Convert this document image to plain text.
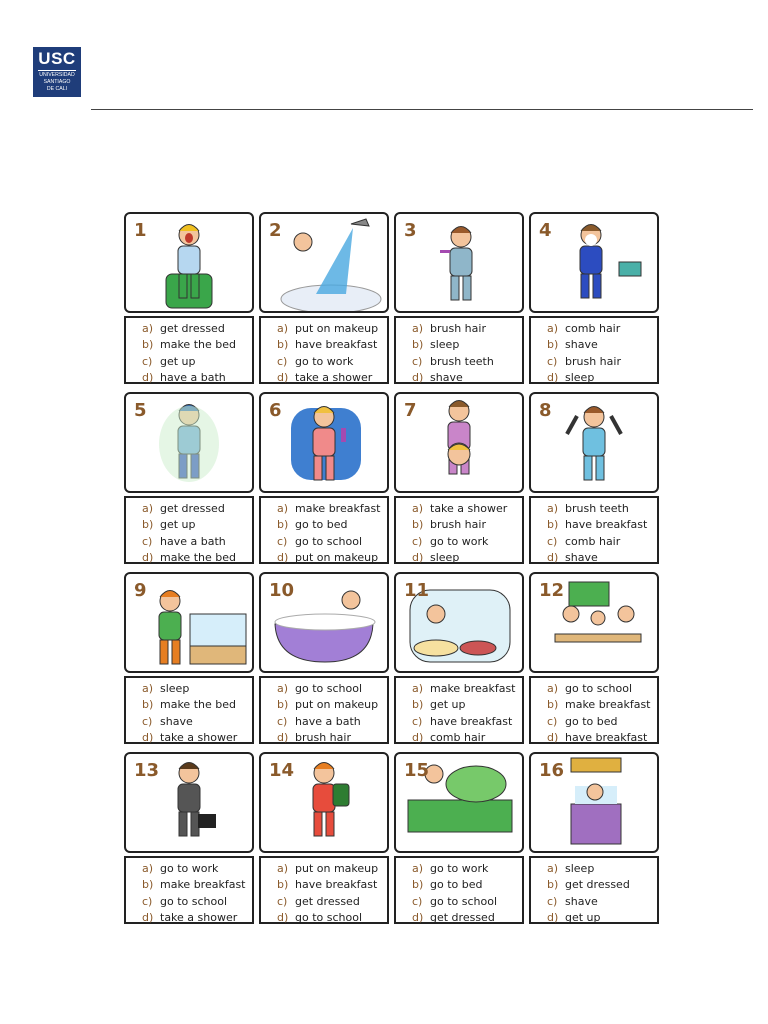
USC
UNIVERSIDAD
SANTIAGO
DE CALI
1
a) get dressed
b) make the bed
c) get up
d) have a bath
2
a) put on makeup
b) have breakfast
c) go to work
d) take a shower
3
a) brush hair
b) sleep
c) brush teeth
d) shave
4
a) comb hair
b) shave
c) brush hair
d) sleep
5
a) get dressed
b) get up
c) have a bath
d) make the bed
6
a) make breakfast
b) go to bed
c) go to school
d) put on makeup
7
a) take a shower
b) brush hair
c) go to work
d) sleep
8
a) brush teeth
b) have breakfast
c) comb hair
d) shave
9
a) sleep
b) make the bed
c) shave
d) take a shower
10
a) go to school
b) put on makeup
c) have a bath
d) brush hair
11
a) make breakfast
b) get up
c) have breakfast
d) comb hair
12
a) go to school
b) make breakfast
c) go to bed
d) have breakfast
13
a) go to work
b) make breakfast
c) go to school
d) take a shower
14
a) put on makeup
b) have breakfast
c) get dressed
d) go to school
15
a) go to work
b) go to bed
c) go to school
d) get dressed
16
a) sleep
b) get dressed
c) shave
d) get up
